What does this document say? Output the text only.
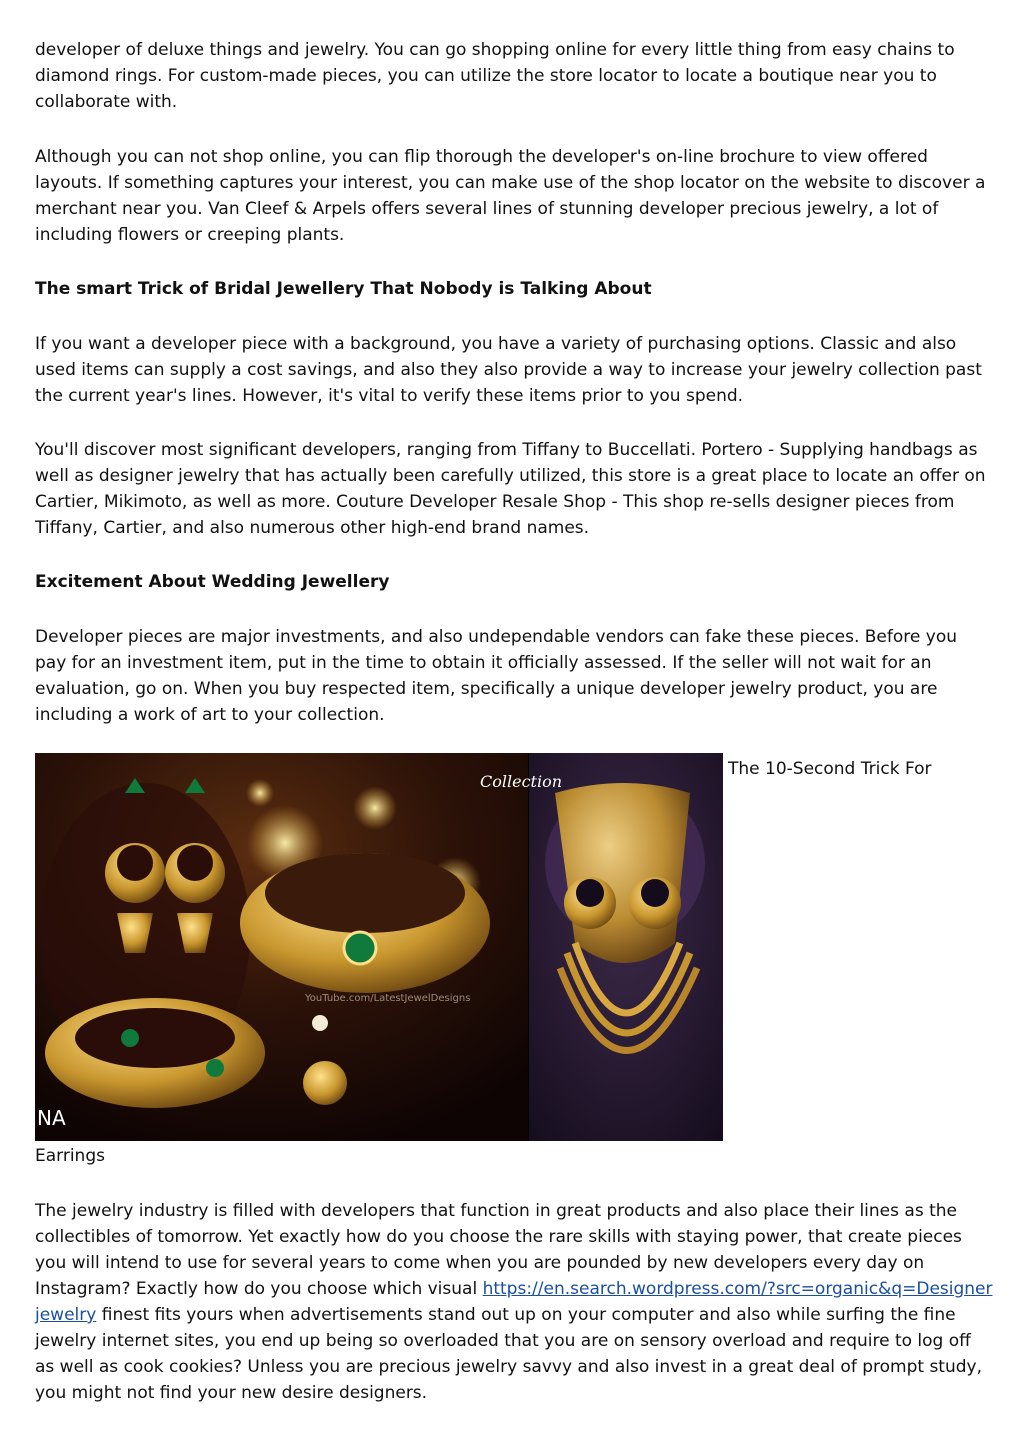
developer of deluxe things and jewelry. You can go shopping online for every little thing from easy chains to diamond rings. For custom-made pieces, you can utilize the store locator to locate a boutique near you to collaborate with.

Although you can not shop online, you can flip thorough the developer's on-line brochure to view offered layouts. If something captures your interest, you can make use of the shop locator on the website to discover a merchant near you. Van Cleef & Arpels offers several lines of stunning developer precious jewelry, a lot of including flowers or creeping plants.

The smart Trick of Bridal Jewellery That Nobody is Talking About

If you want a developer piece with a background, you have a variety of purchasing options. Classic and also used items can supply a cost savings, and also they also provide a way to increase your jewelry collection past the current year's lines. However, it's vital to verify these items prior to you spend.

You'll discover most significant developers, ranging from Tiffany to Buccellati. Portero - Supplying handbags as well as designer jewelry that has actually been carefully utilized, this store is a great place to locate an offer on Cartier, Mikimoto, as well as more. Couture Developer Resale Shop - This shop re-sells designer pieces from Tiffany, Cartier, and also numerous other high-end brand names.

Excitement About Wedding Jewellery

Developer pieces are major investments, and also undependable vendors can fake these pieces. Before you pay for an investment item, put in the time to obtain it officially assessed. If the seller will not wait for an evaluation, go on. When you buy respected item, specifically a unique developer jewelry product, you are including a work of art to your collection.

Collection
YouTube.com/LatestJewelDesigns
NA
The 10-Second Trick For

Earrings

The jewelry industry is filled with developers that function in great products and also place their lines as the collectibles of tomorrow. Yet exactly how do you choose the rare skills with staying power, that create pieces you will intend to use for several years to come when you are pounded by new developers every day on Instagram? Exactly how do you choose which visual https://en.search.wordpress.com/?src=organic&q=Designer jewelry finest fits yours when advertisements stand out up on your computer and also while surfing the fine jewelry internet sites, you end up being so overloaded that you are on sensory overload and require to log off as well as cook cookies? Unless you are precious jewelry savvy and also invest in a great deal of prompt study, you might not find your new desire designers.
